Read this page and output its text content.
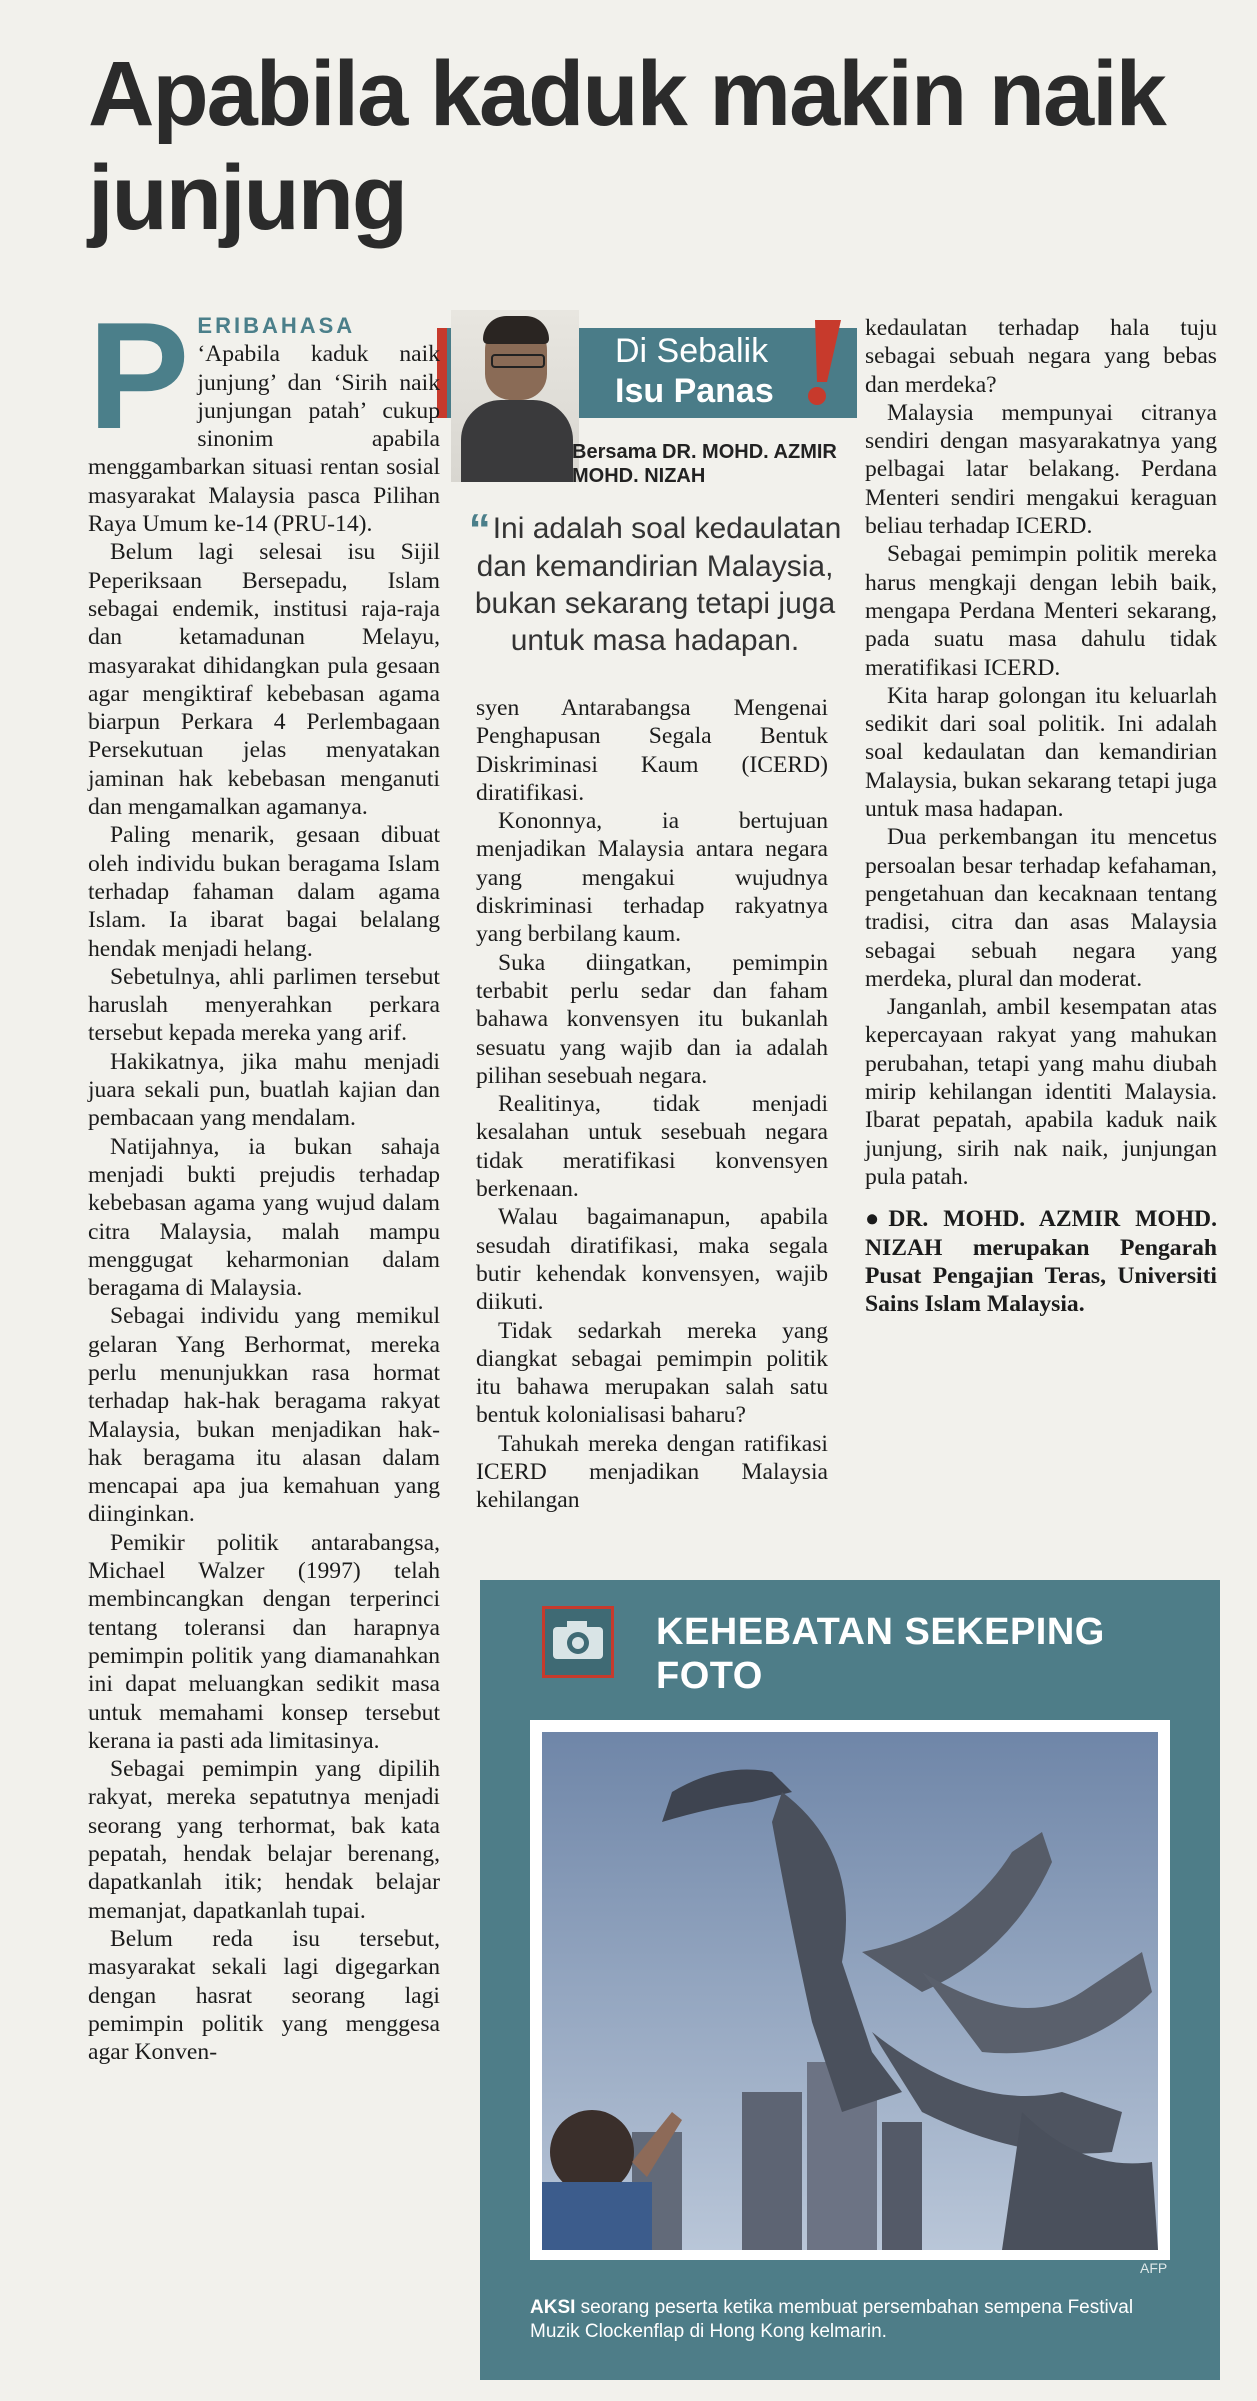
Apabila kaduk makin naik junjung
Di Sebalik
Isu Panas
Bersama DR. MOHD. AZMIR MOHD. NIZAH
“Ini adalah soal kedaulatan dan kemandirian Malaysia, bukan sekarang tetapi juga untuk masa hadapan.
P ERIBAHASA
‘Apabila kaduk naik junjung’ dan ‘Sirih naik junjungan patah’ cukup sinonim apabila menggambarkan situasi rentan sosial masyarakat Malaysia pasca Pilihan Raya Umum ke-14 (PRU-14).

Belum lagi selesai isu Sijil Peperiksaan Bersepadu, Islam sebagai endemik, institusi raja-raja dan ketamadunan Melayu, masyarakat dihidangkan pula gesaan agar mengiktiraf kebebasan agama biarpun Perkara 4 Perlembagaan Persekutuan jelas menyatakan jaminan hak kebebasan menganuti dan mengamalkan agamanya.

Paling menarik, gesaan dibuat oleh individu bukan beragama Islam terhadap fahaman dalam agama Islam. Ia ibarat bagai belalang hendak menjadi helang.

Sebetulnya, ahli parlimen tersebut haruslah menyerahkan perkara tersebut kepada mereka yang arif.

Hakikatnya, jika mahu menjadi juara sekali pun, buatlah kajian dan pembacaan yang mendalam.

Natijahnya, ia bukan sahaja menjadi bukti prejudis terhadap kebebasan agama yang wujud dalam citra Malaysia, malah mampu menggugat keharmonian dalam beragama di Malaysia.

Sebagai individu yang memikul gelaran Yang Berhormat, mereka perlu menunjukkan rasa hormat terhadap hak-hak beragama rakyat Malaysia, bukan menjadikan hak-hak beragama itu alasan dalam mencapai apa jua kemahuan yang diinginkan.

Pemikir politik antarabangsa, Michael Walzer (1997) telah membincangkan dengan terperinci tentang toleransi dan harapnya pemimpin politik yang diamanahkan ini dapat meluangkan sedikit masa untuk memahami konsep tersebut kerana ia pasti ada limitasinya.

Sebagai pemimpin yang dipilih rakyat, mereka sepatutnya menjadi seorang yang terhormat, bak kata pepatah, hendak belajar berenang, dapatkanlah itik; hendak belajar memanjat, dapatkanlah tupai.

Belum reda isu tersebut, masyarakat sekali lagi digegarkan dengan hasrat seorang lagi pemimpin politik yang menggesa agar Konven-

syen Antarabangsa Mengenai Penghapusan Segala Bentuk Diskriminasi Kaum (ICERD) diratifikasi.

Kononnya, ia bertujuan menjadikan Malaysia antara negara yang mengakui wujudnya diskriminasi terhadap rakyatnya yang berbilang kaum.

Suka diingatkan, pemimpin terbabit perlu sedar dan faham bahawa konvensyen itu bukanlah sesuatu yang wajib dan ia adalah pilihan sesebuah negara.

Realitinya, tidak menjadi kesalahan untuk sesebuah negara tidak meratifikasi konvensyen berkenaan.

Walau bagaimanapun, apabila sesudah diratifikasi, maka segala butir kehendak konvensyen, wajib diikuti.

Tidak sedarkah mereka yang diangkat sebagai pemimpin politik itu bahawa merupakan salah satu bentuk kolonialisasi baharu?

Tahukah mereka dengan ratifikasi ICERD menjadikan Malaysia kehilangan

kedaulatan terhadap hala tuju sebagai sebuah negara yang bebas dan merdeka?

Malaysia mempunyai citranya sendiri dengan masyarakatnya yang pelbagai latar belakang. Perdana Menteri sendiri mengakui keraguan beliau terhadap ICERD.

Sebagai pemimpin politik mereka harus mengkaji dengan lebih baik, mengapa Perdana Menteri sekarang, pada suatu masa dahulu tidak meratifikasi ICERD.

Kita harap golongan itu keluarlah sedikit dari soal politik. Ini adalah soal kedaulatan dan kemandirian Malaysia, bukan sekarang tetapi juga untuk masa hadapan.

Dua perkembangan itu mencetus persoalan besar terhadap kefahaman, pengetahuan dan kecaknaan tentang tradisi, citra dan asas Malaysia sebagai sebuah negara yang merdeka, plural dan moderat.

Janganlah, ambil kesempatan atas kepercayaan rakyat yang mahukan perubahan, tetapi yang mahu diubah mirip kehilangan identiti Malaysia. Ibarat pepatah, apabila kaduk naik junjung, sirih nak naik, junjungan pula patah.

●DR. MOHD. AZMIR MOHD. NIZAH merupakan Pengarah Pusat Pengajian Teras, Universiti Sains Islam Malaysia.

KEHEBATAN SEKEPING FOTO
AFP
AKSI seorang peserta ketika membuat persembahan sempena Festival Muzik Clockenflap di Hong Kong kelmarin.
